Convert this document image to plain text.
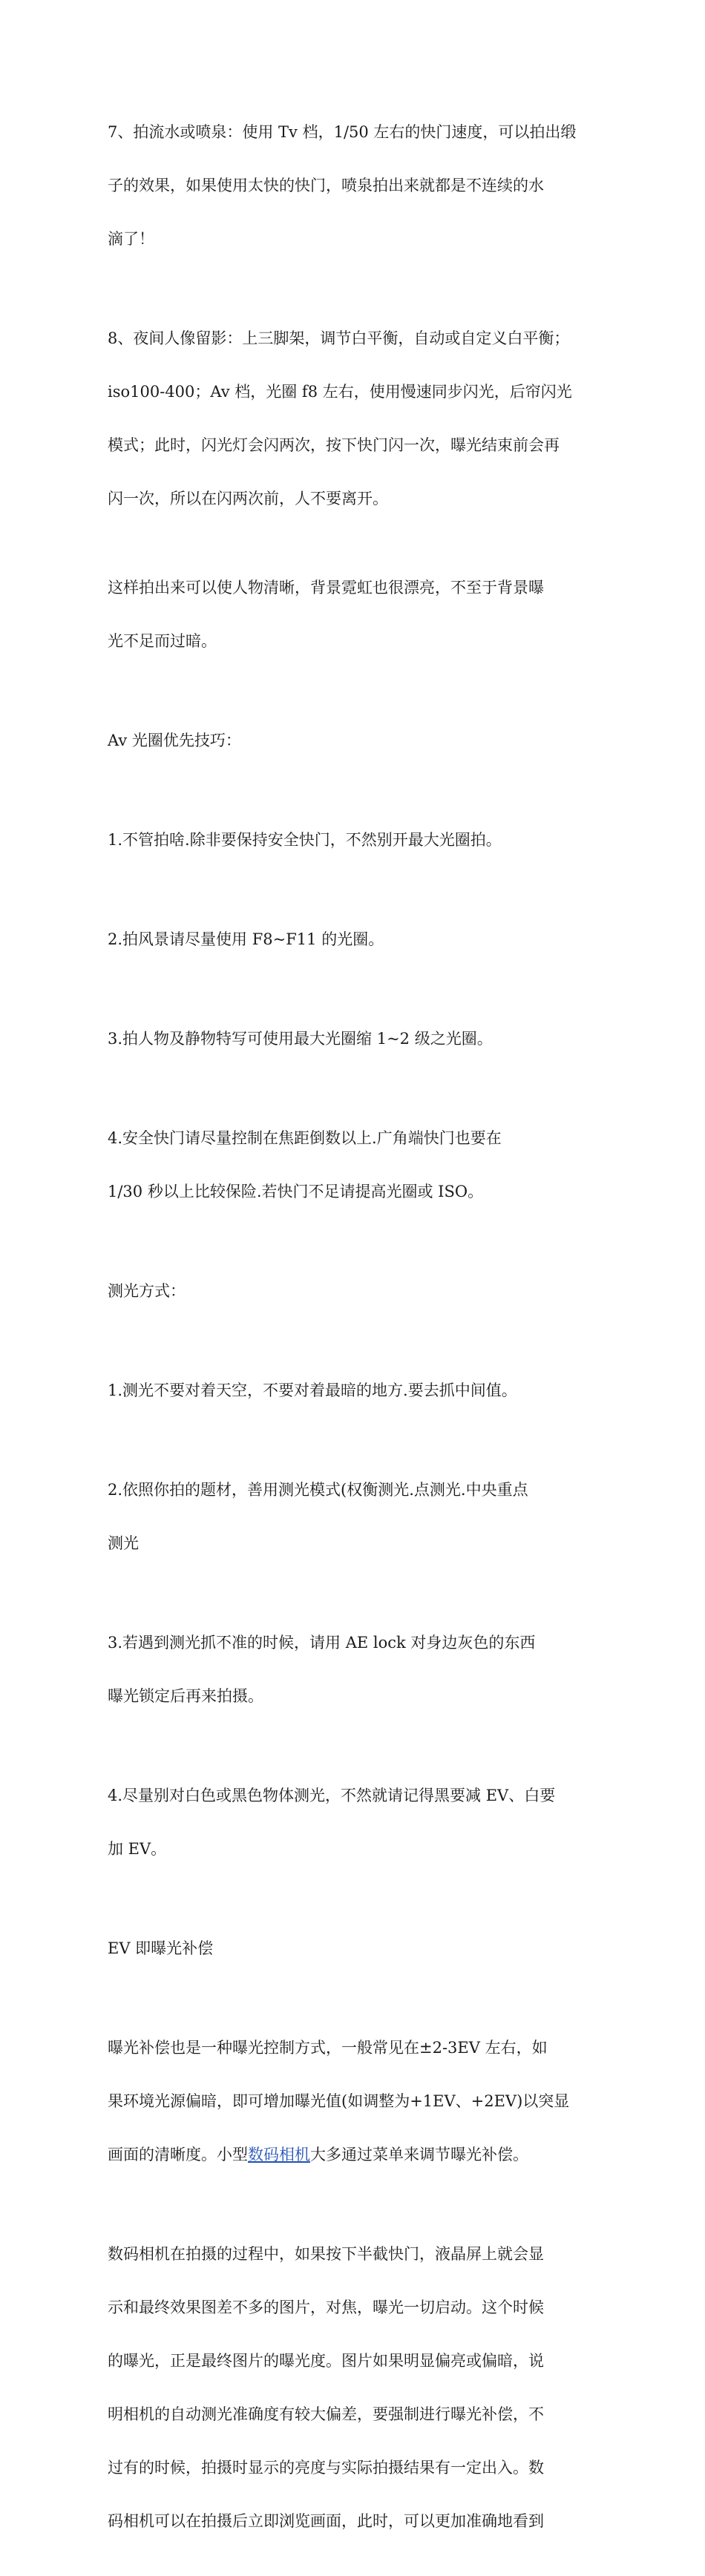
7、拍流水或喷泉：使用 Tv 档，1/50 左右的快门速度，可以拍出缎

子的效果，如果使用太快的快门，喷泉拍出来就都是不连续的水

滴了！

8、夜间人像留影：上三脚架，调节白平衡，自动或自定义白平衡；

iso100-400；Av 档，光圈 f8 左右，使用慢速同步闪光，后帘闪光

模式；此时，闪光灯会闪两次，按下快门闪一次，曝光结束前会再

闪一次，所以在闪两次前，人不要离开。

这样拍出来可以使人物清晰，背景霓虹也很漂亮，不至于背景曝

光不足而过暗。

Av 光圈优先技巧：

1.不管拍啥.除非要保持安全快门，不然别开最大光圈拍。

2.拍风景请尽量使用 F8~F11 的光圈。

3.拍人物及静物特写可使用最大光圈缩 1~2 级之光圈。

4.安全快门请尽量控制在焦距倒数以上.广角端快门也要在

1/30 秒以上比较保险.若快门不足请提高光圈或 ISO。

测光方式：

1.测光不要对着天空，不要对着最暗的地方.要去抓中间值。

2.依照你拍的题材，善用测光模式(权衡测光.点测光.中央重点

测光

3.若遇到测光抓不准的时候，请用 AE lock 对身边灰色的东西

曝光锁定后再来拍摄。

4.尽量别对白色或黑色物体测光，不然就请记得黑要减 EV、白要

加 EV。

EV 即曝光补偿

曝光补偿也是一种曝光控制方式，一般常见在±2-3EV 左右，如

果环境光源偏暗，即可增加曝光值(如调整为+1EV、+2EV)以突显

画面的清晰度。小型数码相机大多通过菜单来调节曝光补偿。

数码相机在拍摄的过程中，如果按下半截快门，液晶屏上就会显

示和最终效果图差不多的图片，对焦，曝光一切启动。这个时候

的曝光，正是最终图片的曝光度。图片如果明显偏亮或偏暗，说

明相机的自动测光准确度有较大偏差，要强制进行曝光补偿，不

过有的时候，拍摄时显示的亮度与实际拍摄结果有一定出入。数

码相机可以在拍摄后立即浏览画面，此时，可以更加准确地看到
